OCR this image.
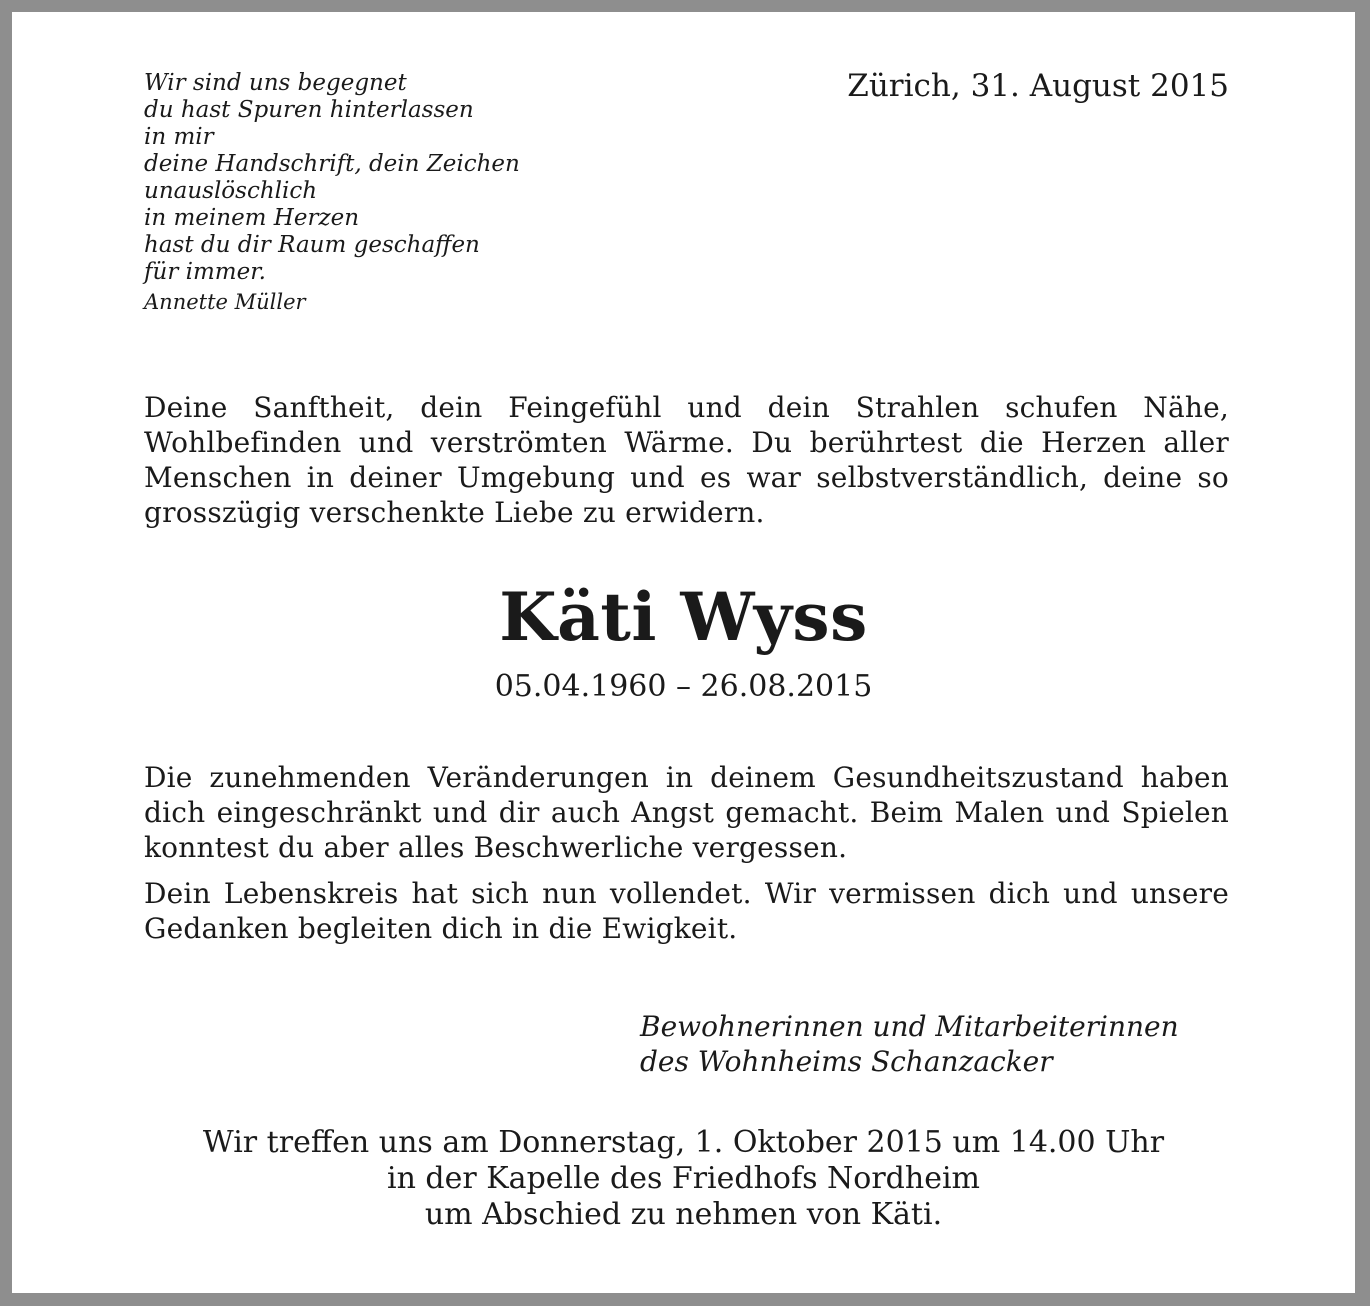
Wir sind uns begegnet
du hast Spuren hinterlassen
in mir
deine Handschrift, dein Zeichen
unauslöschlich
in meinem Herzen
hast du dir Raum geschaffen
für immer.
Annette Müller
Zürich, 31. August 2015

Deine Sanftheit, dein Feingefühl und dein Strahlen schufen Nähe, Wohlbefinden und verströmten Wärme. Du berührtest die Herzen aller Menschen in deiner Umgebung und es war selbstverständlich, deine so grosszügig verschenkte Liebe zu erwidern.

Käti Wyss
05.04.1960 – 26.08.2015

Die zunehmenden Veränderungen in deinem Gesundheitszustand haben dich eingeschränkt und dir auch Angst gemacht. Beim Malen und Spielen konntest du aber alles Beschwerliche vergessen.

Dein Lebenskreis hat sich nun vollendet. Wir vermissen dich und unsere Gedanken begleiten dich in die Ewigkeit.

Bewohnerinnen und Mitarbeiterinnen
des Wohnheims Schanzacker
Wir treffen uns am Donnerstag, 1. Oktober 2015 um 14.00 Uhr
in der Kapelle des Friedhofs Nordheim
um Abschied zu nehmen von Käti.
